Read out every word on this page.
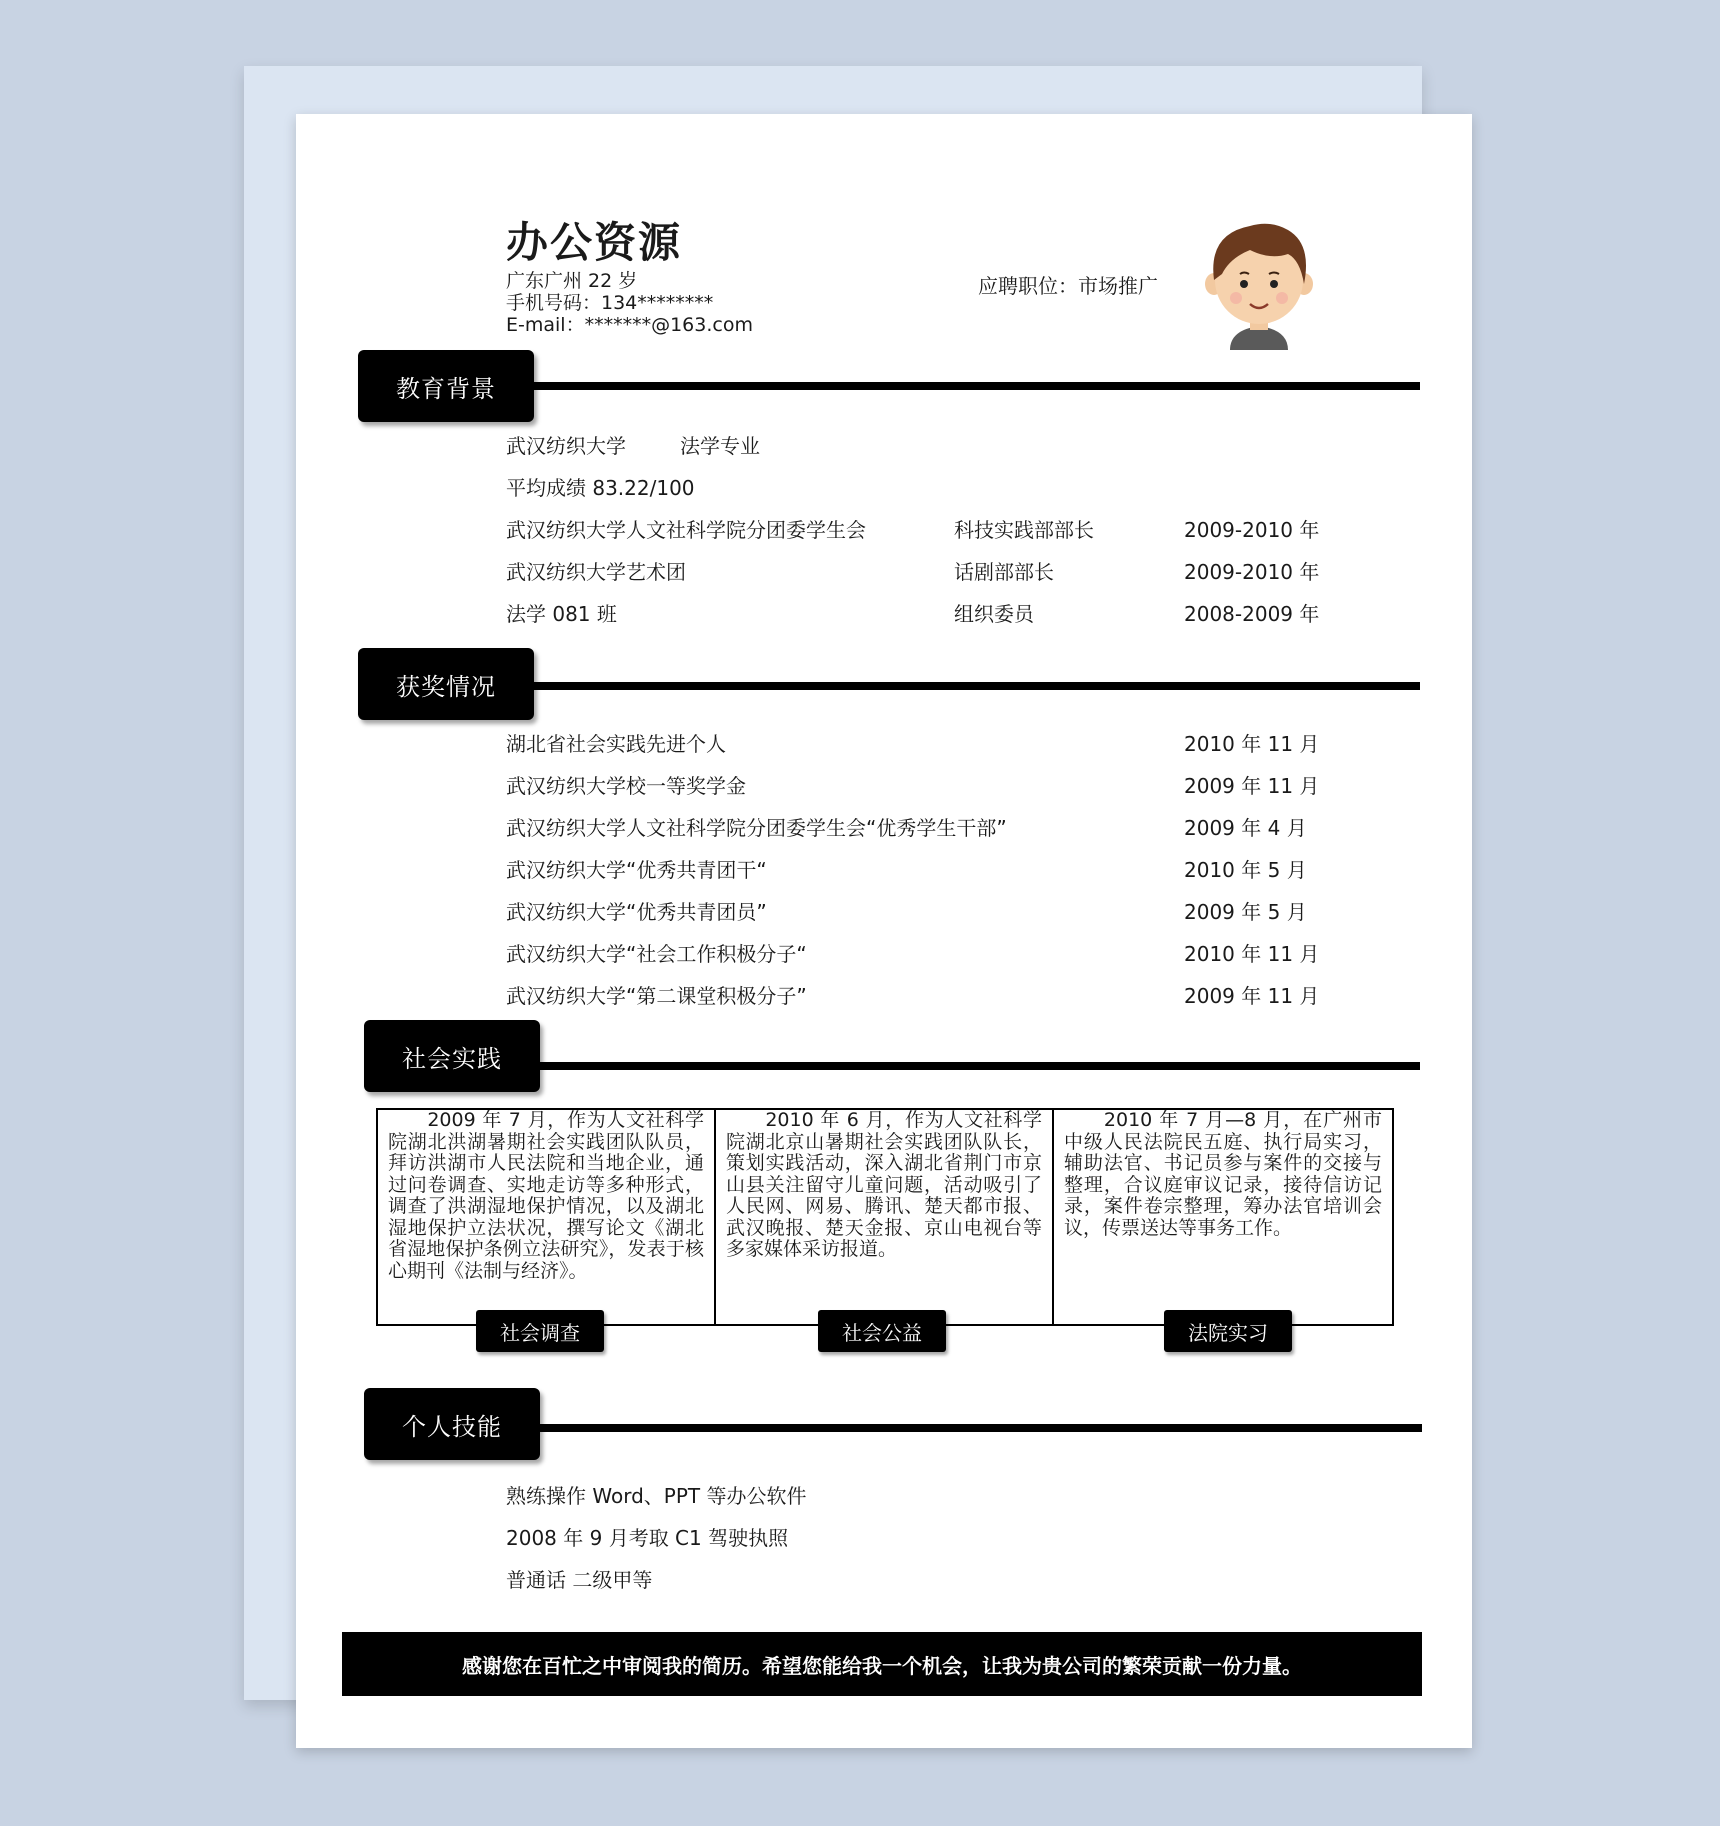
办公资源
广东广州 22 岁
手机号码：134********
E-mail：*******@163.com
应聘职位：市场推广
教育背景
武汉纺织大学	法学专业
平均成绩 83.22/100
武汉纺织大学人文社科学院分团委学生会	科技实践部部长	2009-2010 年
武汉纺织大学艺术团	话剧部部长	2009-2010 年
法学 081 班	组织委员	2008-2009 年
获奖情况
湖北省社会实践先进个人	2010 年 11 月
武汉纺织大学校一等奖学金	2009 年 11 月
武汉纺织大学人文社科学院分团委学生会“优秀学生干部”	2009 年 4 月
武汉纺织大学“优秀共青团干“	2010 年 5 月
武汉纺织大学“优秀共青团员”	2009 年 5 月
武汉纺织大学“社会工作积极分子“	2010 年 11 月
武汉纺织大学“第二课堂积极分子”	2009 年 11 月
社会实践
　　2009 年 7 月，作为人文社科学院湖北洪湖暑期社会实践团队队员，拜访洪湖市人民法院和当地企业，通过问卷调查、实地走访等多种形式，调查了洪湖湿地保护情况，以及湖北湿地保护立法状况，撰写论文《湖北省湿地保护条例立法研究》，发表于核心期刊《法制与经济》。
　　2010 年 6 月，作为人文社科学院湖北京山暑期社会实践团队队长，策划实践活动，深入湖北省荆门市京山县关注留守儿童问题，活动吸引了人民网、网易、腾讯、楚天都市报、武汉晚报、楚天金报、京山电视台等多家媒体采访报道。
　　2010 年 7 月—8 月，在广州市中级人民法院民五庭、执行局实习，辅助法官、书记员参与案件的交接与整理，合议庭审议记录，接待信访记录，案件卷宗整理，筹办法官培训会议，传票送达等事务工作。
社会调查	社会公益	法院实习
个人技能
熟练操作 Word、PPT 等办公软件
2008 年 9 月考取 C1 驾驶执照
普通话 二级甲等
感谢您在百忙之中审阅我的简历。希望您能给我一个机会，让我为贵公司的繁荣贡献一份力量。
